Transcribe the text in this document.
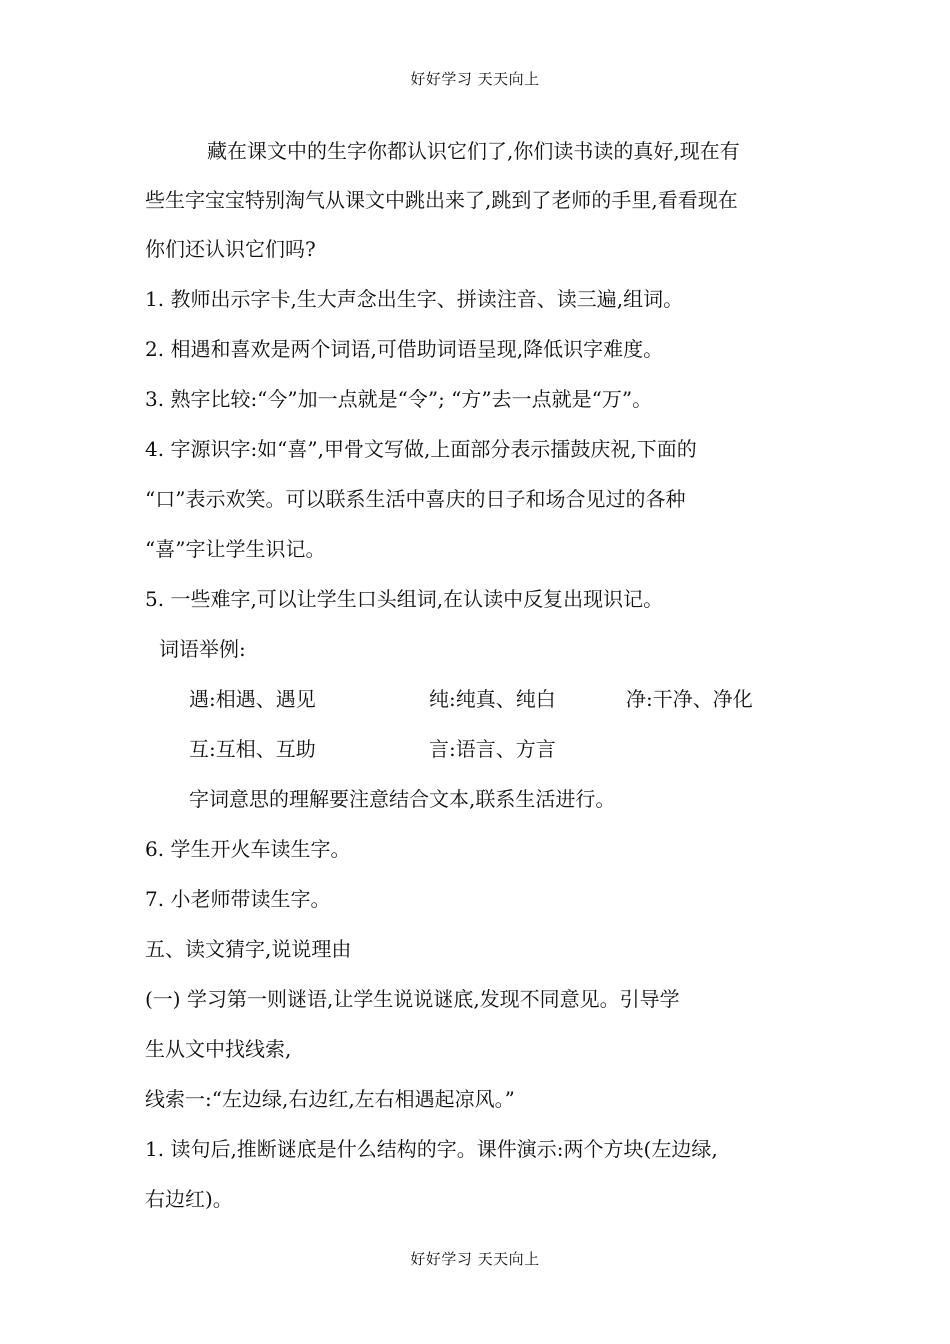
好好学习 天天向上
藏在课文中的生字你都认识它们了,你们读书读的真好,现在有
些生字宝宝特别淘气从课文中跳出来了,跳到了老师的手里,看看现在
你们还认识它们吗?
1. 教师出示字卡,生大声念出生字、拼读注音、读三遍,组词。
2. 相遇和喜欢是两个词语,可借助词语呈现,降低识字难度。
3. 熟字比较:“今”加一点就是“令”; “方”去一点就是“万”。
4. 字源识字:如“喜”,甲骨文写做,上面部分表示擂鼓庆祝,下面的
“口”表示欢笑。可以联系生活中喜庆的日子和场合见过的各种
“喜”字让学生识记。
5. 一些难字,可以让学生口头组词,在认读中反复出现识记。
词语举例:
遇:相遇、遇见	纯:纯真、纯白	净:干净、净化
互:互相、互助	言:语言、方言
字词意思的理解要注意结合文本,联系生活进行。
6. 学生开火车读生字。
7. 小老师带读生字。
五、读文猜字,说说理由
(一) 学习第一则谜语,让学生说说谜底,发现不同意见。引导学
生从文中找线索,
线索一:“左边绿,右边红,左右相遇起凉风。”
1. 读句后,推断谜底是什么结构的字。课件演示:两个方块(左边绿,
右边红)。
好好学习 天天向上
